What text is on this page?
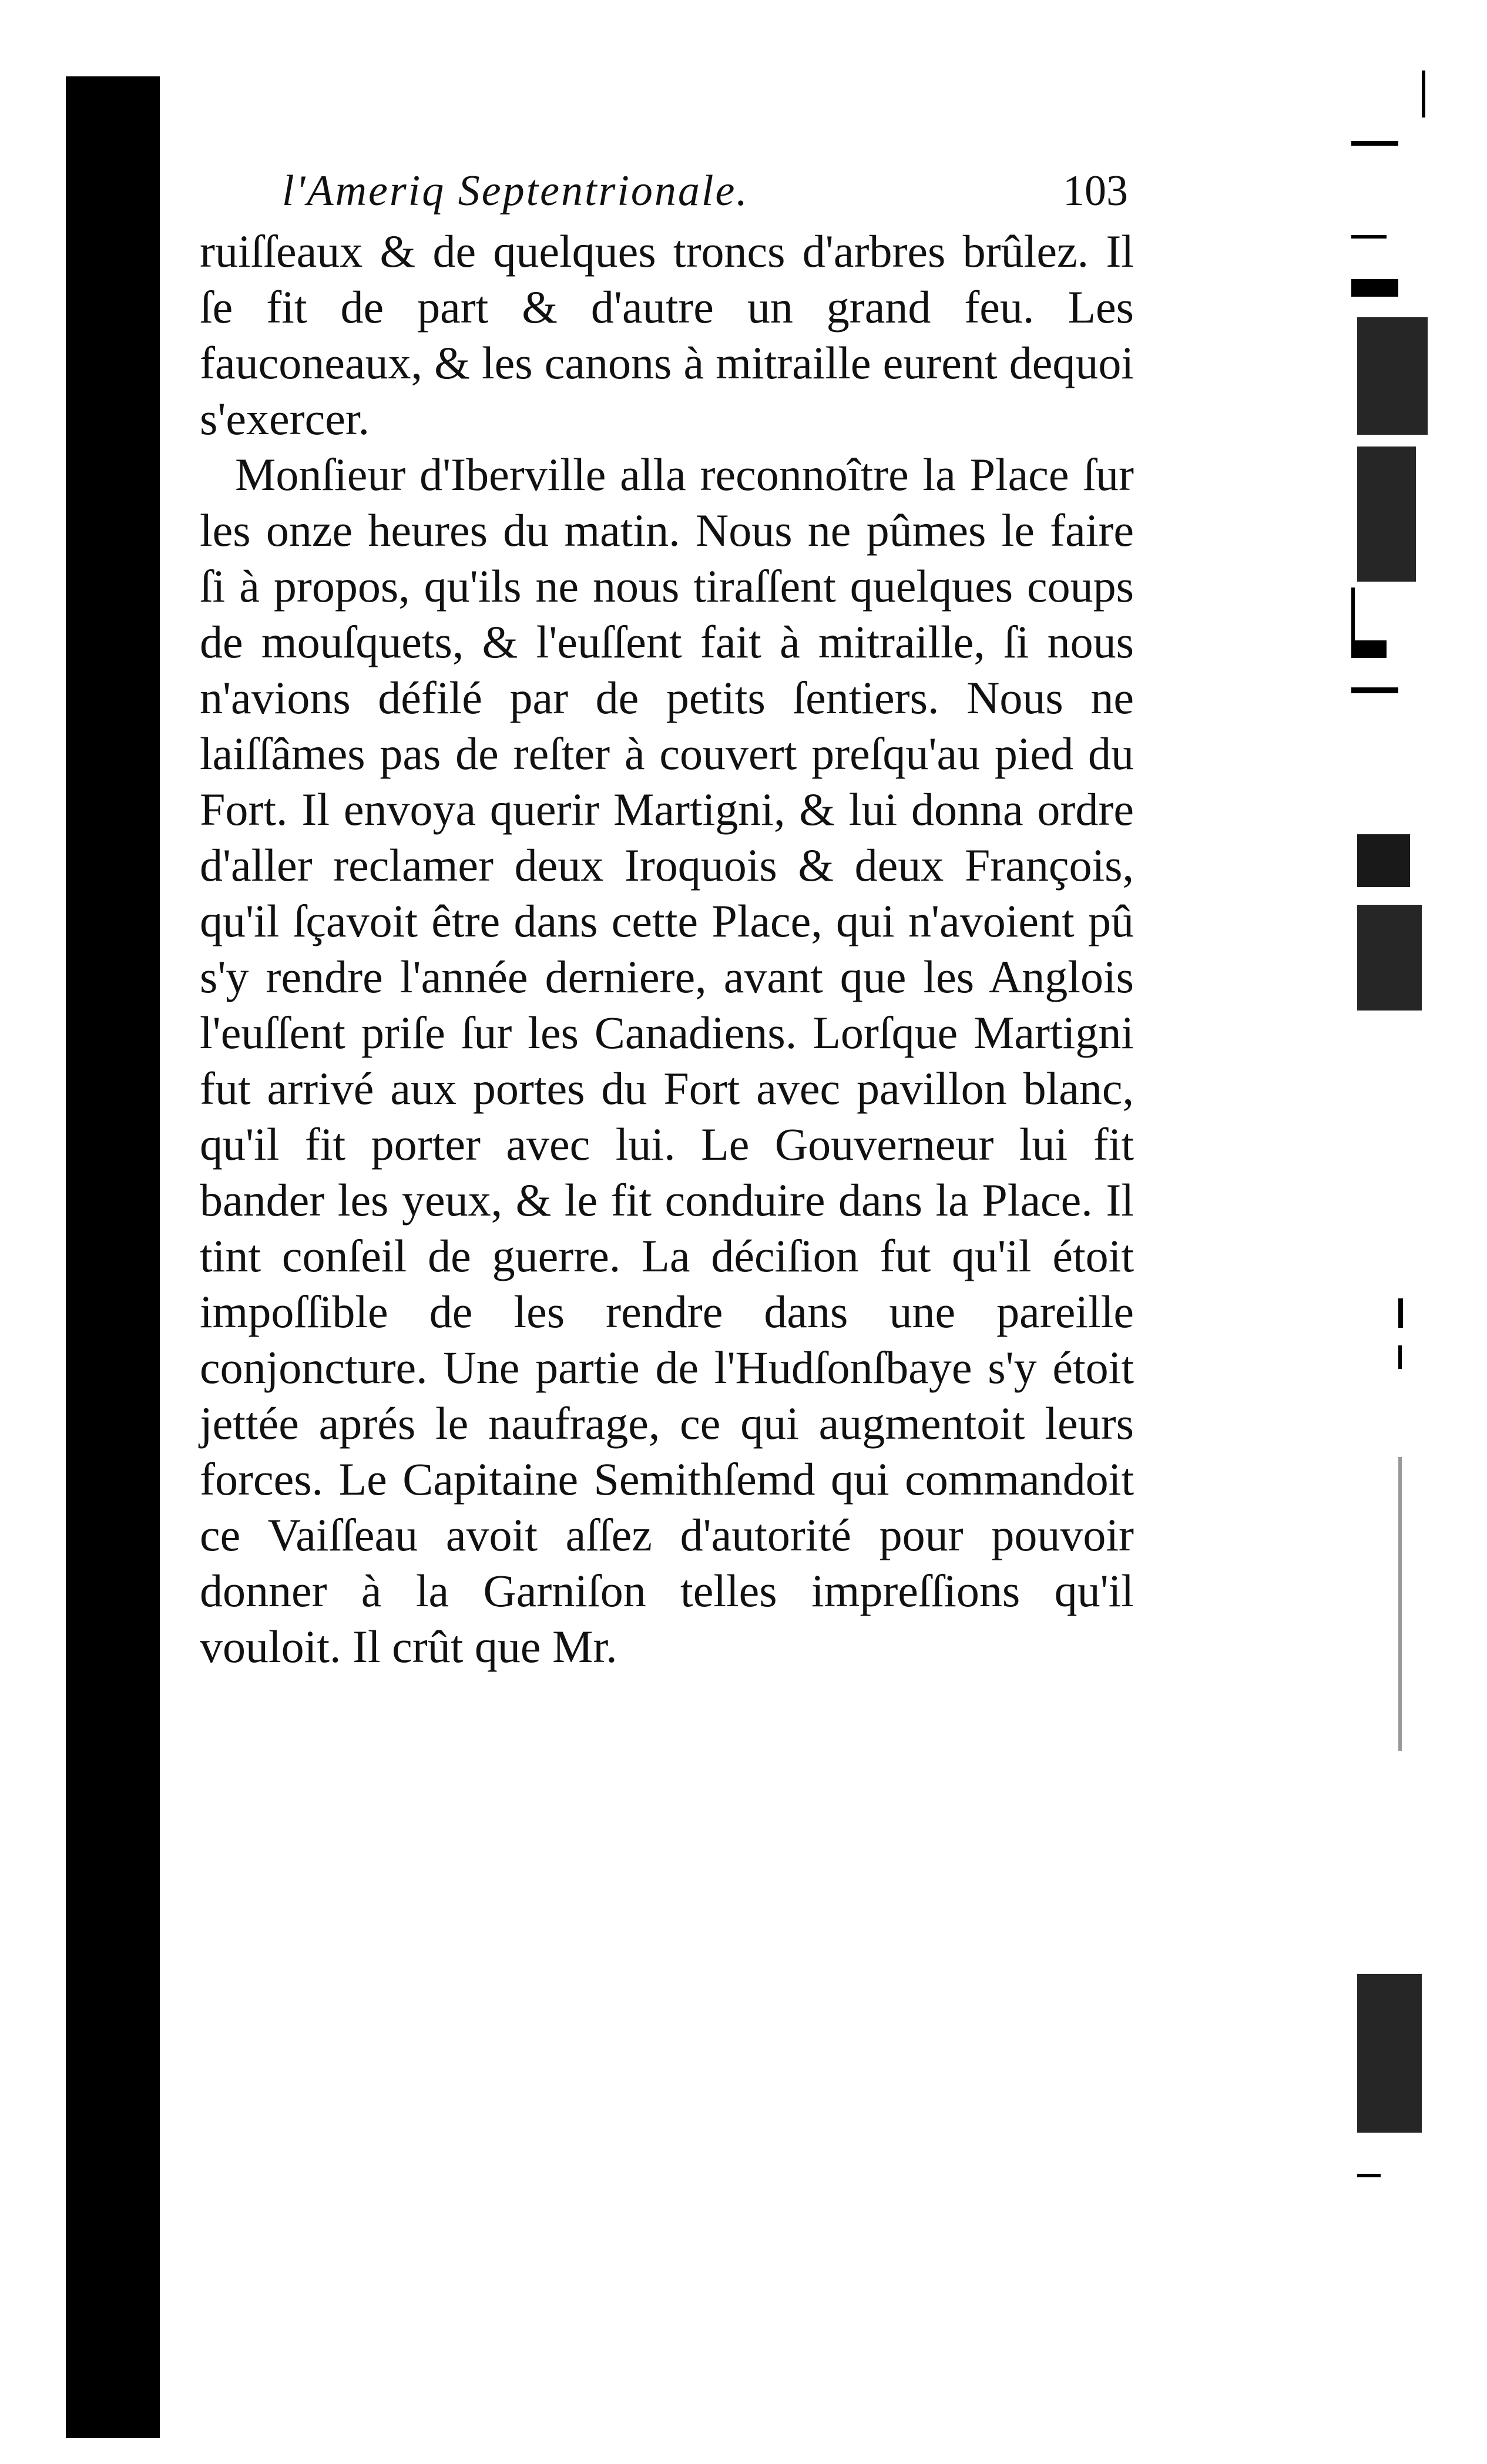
l'Ameriq Septentrionale.	103

ruiſſeaux & de quelques troncs d'arbres brûlez. Il ſe fit de part & d'autre un grand feu. Les fauconeaux, & les canons à mitraille eurent dequoi s'exercer.

Monſieur d'Iberville alla reconnoître la Place ſur les onze heures du matin. Nous ne pûmes le faire ſi à propos, qu'ils ne nous tiraſſent quelques coups de mouſquets, & l'euſſent fait à mitraille, ſi nous n'avions défilé par de petits ſentiers. Nous ne laiſſâmes pas de reſter à couvert preſqu'au pied du Fort. Il envoya querir Martigni, & lui donna ordre d'aller reclamer deux Iroquois & deux François, qu'il ſçavoit être dans cette Place, qui n'avoient pû s'y rendre l'année derniere, avant que les Anglois l'euſſent priſe ſur les Canadiens. Lorſque Martigni fut arrivé aux portes du Fort avec pavillon blanc, qu'il fit porter avec lui. Le Gouverneur lui fit bander les yeux, & le fit conduire dans la Place. Il tint conſeil de guerre. La déciſion fut qu'il étoit impoſſible de les rendre dans une pareille conjoncture. Une partie de l'Hudſonſbaye s'y étoit jettée aprés le naufrage, ce qui augmentoit leurs forces. Le Capitaine Semithſemd qui commandoit ce Vaiſſeau avoit aſſez d'autorité pour pouvoir donner à la Garniſon telles impreſſions qu'il vouloit. Il crût que Mr.
